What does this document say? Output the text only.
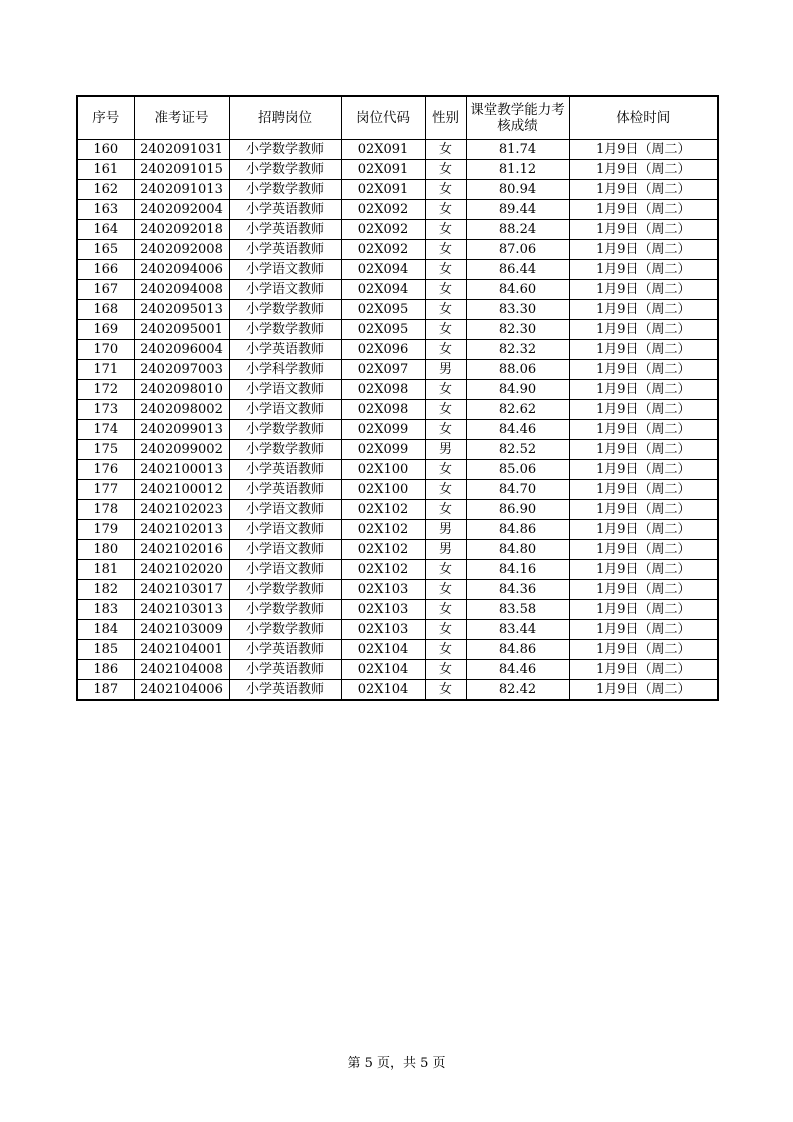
序号	准考证号	招聘岗位	岗位代码	性别	课堂教学能力考核成绩	体检时间
160	2402091031	小学数学教师	02X091	女	81.74	1月9日（周二）
161	2402091015	小学数学教师	02X091	女	81.12	1月9日（周二）
162	2402091013	小学数学教师	02X091	女	80.94	1月9日（周二）
163	2402092004	小学英语教师	02X092	女	89.44	1月9日（周二）
164	2402092018	小学英语教师	02X092	女	88.24	1月9日（周二）
165	2402092008	小学英语教师	02X092	女	87.06	1月9日（周二）
166	2402094006	小学语文教师	02X094	女	86.44	1月9日（周二）
167	2402094008	小学语文教师	02X094	女	84.60	1月9日（周二）
168	2402095013	小学数学教师	02X095	女	83.30	1月9日（周二）
169	2402095001	小学数学教师	02X095	女	82.30	1月9日（周二）
170	2402096004	小学英语教师	02X096	女	82.32	1月9日（周二）
171	2402097003	小学科学教师	02X097	男	88.06	1月9日（周二）
172	2402098010	小学语文教师	02X098	女	84.90	1月9日（周二）
173	2402098002	小学语文教师	02X098	女	82.62	1月9日（周二）
174	2402099013	小学数学教师	02X099	女	84.46	1月9日（周二）
175	2402099002	小学数学教师	02X099	男	82.52	1月9日（周二）
176	2402100013	小学英语教师	02X100	女	85.06	1月9日（周二）
177	2402100012	小学英语教师	02X100	女	84.70	1月9日（周二）
178	2402102023	小学语文教师	02X102	女	86.90	1月9日（周二）
179	2402102013	小学语文教师	02X102	男	84.86	1月9日（周二）
180	2402102016	小学语文教师	02X102	男	84.80	1月9日（周二）
181	2402102020	小学语文教师	02X102	女	84.16	1月9日（周二）
182	2402103017	小学数学教师	02X103	女	84.36	1月9日（周二）
183	2402103013	小学数学教师	02X103	女	83.58	1月9日（周二）
184	2402103009	小学数学教师	02X103	女	83.44	1月9日（周二）
185	2402104001	小学英语教师	02X104	女	84.86	1月9日（周二）
186	2402104008	小学英语教师	02X104	女	84.46	1月9日（周二）
187	2402104006	小学英语教师	02X104	女	82.42	1月9日（周二）
第 5 页，共 5 页
